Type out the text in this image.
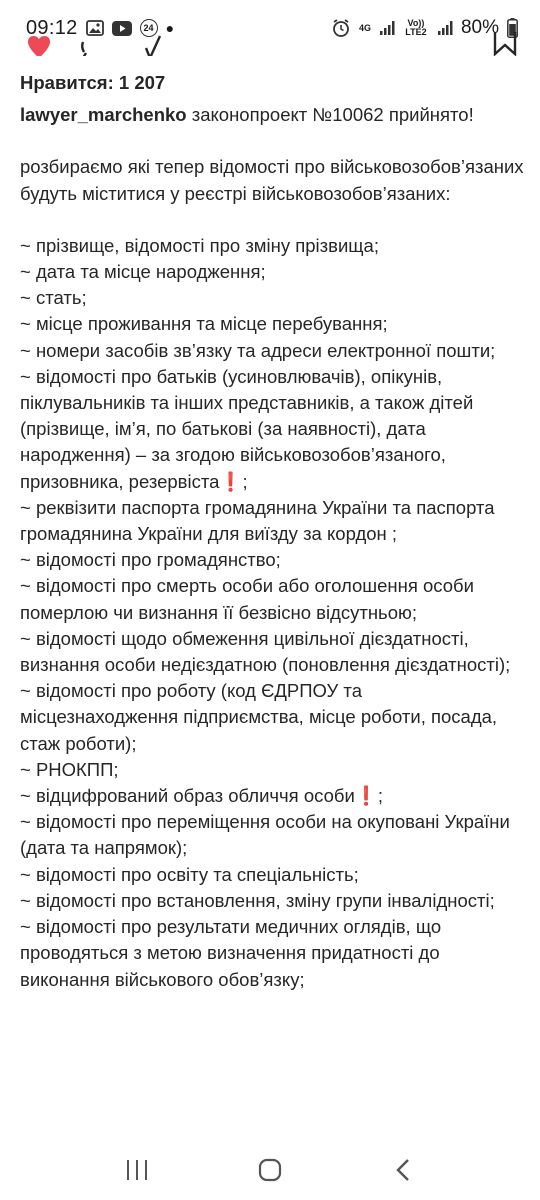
09:12	24 ●	4G	Vo)) LTE2 80%

Нравится: 1 207

lawyer_marchenko законопроект №10062 прийнято!

розбираємо які тепер відомості про військовозобов’язаних будуть міститися у реєстрі військовозобов’язаних:

~ прізвище, відомості про зміну прізвища;

~ дата та місце народження;

~ стать;

~ місце проживання та місце перебування;

~ номери засобів зв’язку та адреси електронної пошти;

~ відомості про батьків (усиновлювачів), опікунів, піклувальників та інших представників, а також дітей (прізвище, ім’я, по батькові (за наявності), дата народження) – за згодою військовозобов’язаного, призовника, резервіста❗;

~ реквізити паспорта громадянина України та паспорта громадянина України для виїзду за кордон ;

~ відомості про громадянство;

~ відомості про смерть особи або оголошення особи померлою чи визнання її безвісно відсутньою;

~ відомості щодо обмеження цивільної дієздатності, визнання особи недієздатною (поновлення дієздатності);

~ відомості про роботу (код ЄДРПОУ та місцезнаходження підприємства, місце роботи, посада, стаж роботи);

~ РНОКПП;

~ відцифрований образ обличчя особи❗;

~ відомості про переміщення особи на окуповані України (дата та напрямок);

~ відомості про освіту та спеціальність;

~ відомості про встановлення, зміну групи інвалідності;

~ відомості про результати медичних оглядів, що проводяться з метою визначення придатності до виконання військового обов’язку;
